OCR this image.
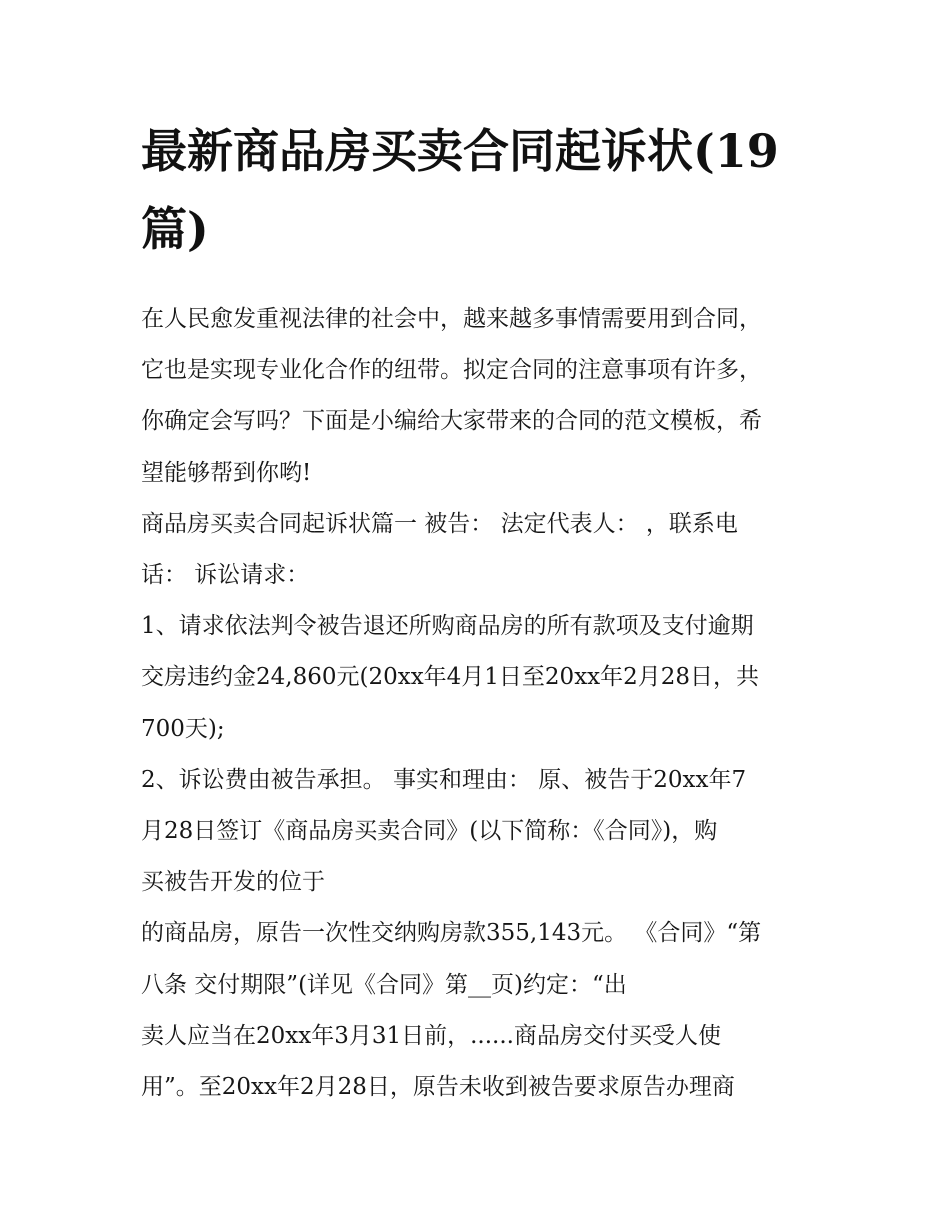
最新商品房买卖合同起诉状(19
篇)

在人民愈发重视法律的社会中，越来越多事情需要用到合同，

它也是实现专业化合作的纽带。拟定合同的注意事项有许多，

你确定会写吗？下面是小编给大家带来的合同的范文模板，希

望能够帮到你哟!

商品房买卖合同起诉状篇一 被告： 法定代表人： ，联系电

话： 诉讼请求：

1、请求依法判令被告退还所购商品房的所有款项及支付逾期

交房违约金24,860元(20xx年4月1日至20xx年2月28日，共

700天);

2、诉讼费由被告承担。 事实和理由： 原、被告于20xx年7

月28日签订《商品房买卖合同》(以下简称：《合同》)，购

买被告开发的位于

的商品房，原告一次性交纳购房款355,143元。 《合同》“第

八条 交付期限”(详见《合同》第__页)约定：“出

卖人应当在20xx年3月31日前，......商品房交付买受人使

用”。至20xx年2月28日，原告未收到被告要求原告办理商
